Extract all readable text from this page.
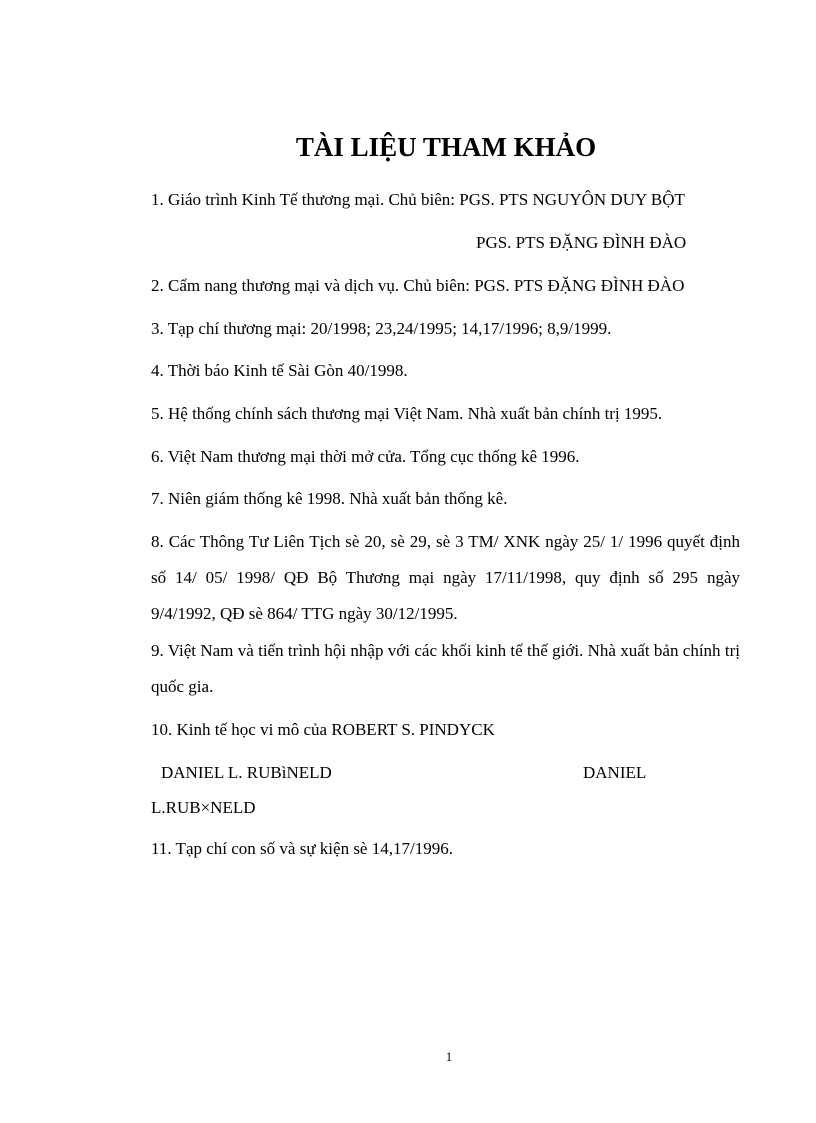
TÀI LIỆU THAM KHẢO

1. Giáo trình Kinh Tế thương mại. Chủ biên: PGS. PTS NGUYÔN DUY BỘT

PGS. PTS ĐẶNG ĐÌNH ĐÀO

2. Cẩm nang thương mại và dịch vụ. Chủ biên: PGS. PTS ĐẶNG ĐÌNH ĐÀO

3. Tạp chí thương mại: 20/1998; 23,24/1995; 14,17/1996; 8,9/1999.

4. Thời báo Kinh tế Sài Gòn 40/1998.

5. Hệ thống chính sách thương mại Việt Nam. Nhà xuất bản chính trị 1995.

6. Việt Nam thương mại thời mở cửa. Tổng cục thống kê 1996.

7. Niên giám thống kê 1998. Nhà xuất bản thống kê.

8. Các Thông Tư Liên Tịch sè 20, sè 29, sè 3 TM/ XNK ngày 25/ 1/ 1996 quyết định số 14/ 05/ 1998/ QĐ Bộ Thương mại ngày 17/11/1998, quy định số 295 ngày 9/4/1992, QĐ sè 864/ TTG ngày 30/12/1995.

9. Việt Nam và tiến trình hội nhập với các khối kinh tế thế giới. Nhà xuất bản chính trị quốc gia.

10. Kinh tế học vi mô của ROBERT S. PINDYCK

DANIEL L. RUBìNELD	DANIEL

L.RUB×NELD

11. Tạp chí con số và sự kiện sè 14,17/1996.

1
